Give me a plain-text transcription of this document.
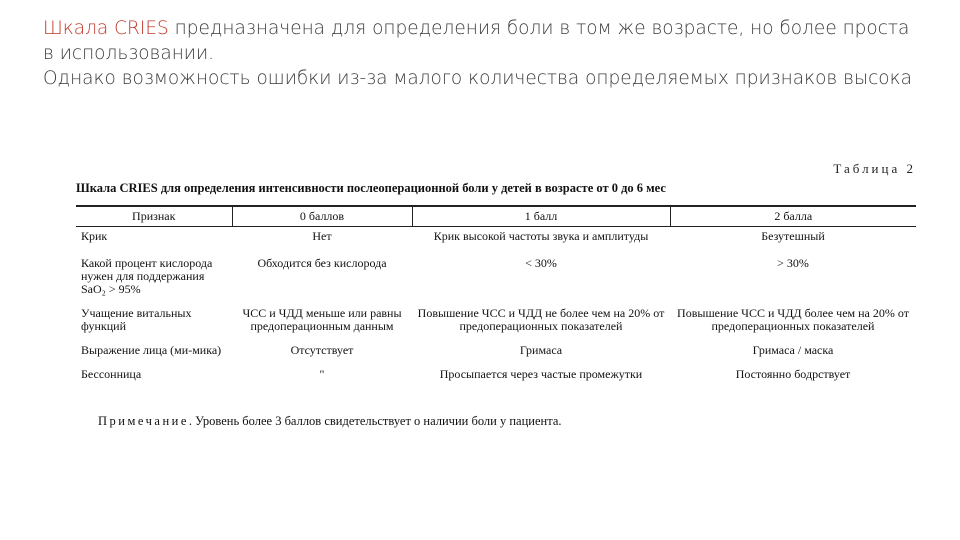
Шкала CRIES предназначена для определения боли в том же возрасте, но более проста в использовании.

Однако возможность ошибки из-за малого количества определяемых признаков высока

Таблица 2
Шкала CRIES для определения интенсивности послеоперационной боли у детей в возрасте от 0 до 6 мес
Признак	0 баллов	1 балл	2 балла
Крик	Нет	Крик высокой частоты звука и амплитуды	Безутешный
Какой процент кислорода нужен для поддержания SaO₂ > 95%	Обходится без кислорода	< 30%	> 30%
Учащение витальных функций	ЧСС и ЧДД меньше или равны предоперационным данным	Повышение ЧСС и ЧДД не более чем на 20% от предоперационных показателей	Повышение ЧСС и ЧДД более чем на 20% от предоперационных показателей
Выражение лица (ми-мика)	Отсутствует	Гримаса	Гримаса / маска
Бессонница	"	Просыпается через частые промежутки	Постоянно бодрствует
Примечание. Уровень более 3 баллов свидетельствует о наличии боли у пациента.
